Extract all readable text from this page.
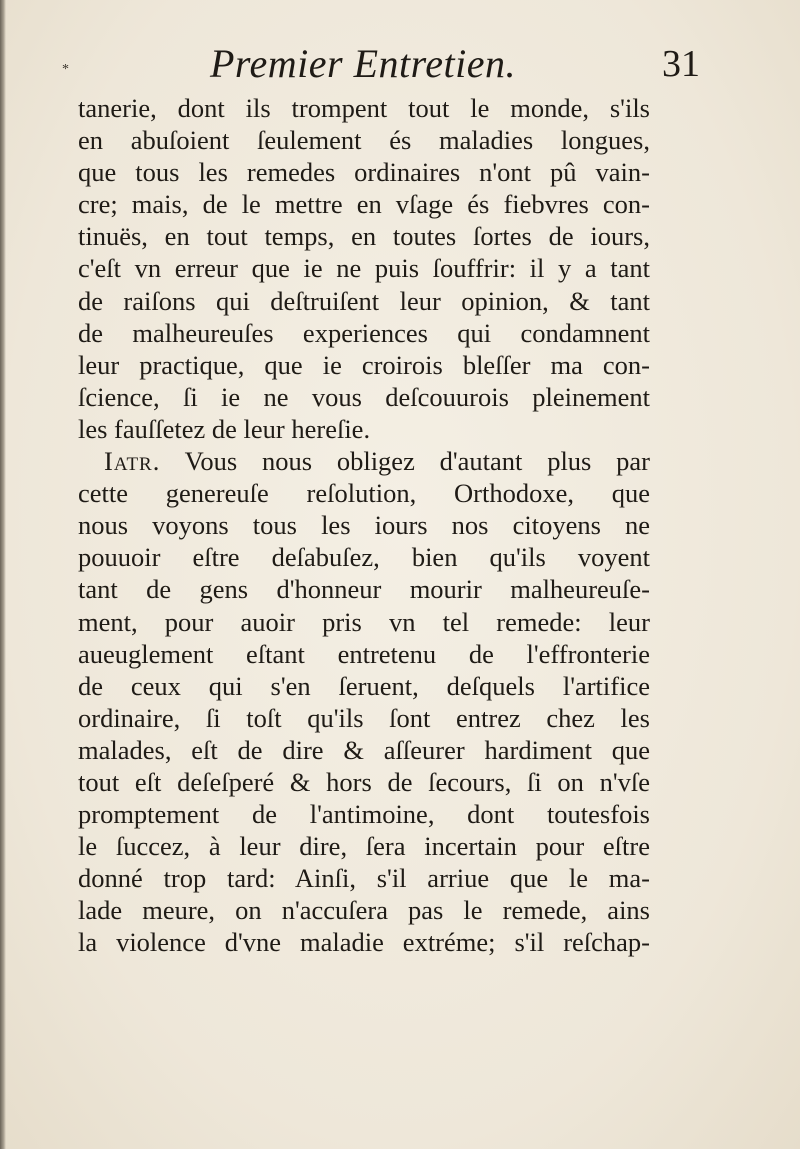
*	Premier Entretien.	31
tanerie, dont ils trompent tout le monde, s'ils
en abuſoient ſeulement és maladies longues,
que tous les remedes ordinaires n'ont pû vain-
cre; mais, de le mettre en vſage és fiebvres con-
tinuës, en tout temps, en toutes ſortes de iours,
c'eſt vn erreur que ie ne puis ſouffrir: il y a tant
de raiſons qui deſtruiſent leur opinion, & tant
de malheureuſes experiences qui condamnent
leur practique, que ie croirois bleſſer ma con-
ſcience, ſi ie ne vous deſcouurois pleinement
les fauſſetez de leur hereſie.
Iatr. Vous nous obligez d'autant plus par
cette genereuſe reſolution, Orthodoxe, que
nous voyons tous les iours nos citoyens ne
pouuoir eſtre deſabuſez, bien qu'ils voyent
tant de gens d'honneur mourir malheureuſe-
ment, pour auoir pris vn tel remede: leur
aueuglement eſtant entretenu de l'effronterie
de ceux qui s'en ſeruent, deſquels l'artifice
ordinaire, ſi toſt qu'ils ſont entrez chez les
malades, eſt de dire & aſſeurer hardiment que
tout eſt deſeſperé & hors de ſecours, ſi on n'vſe
promptement de l'antimoine, dont toutesfois
le ſuccez, à leur dire, ſera incertain pour eſtre
donné trop tard: Ainſi, s'il arriue que le ma-
lade meure, on n'accuſera pas le remede, ains
la violence d'vne maladie extréme; s'il reſchap-
